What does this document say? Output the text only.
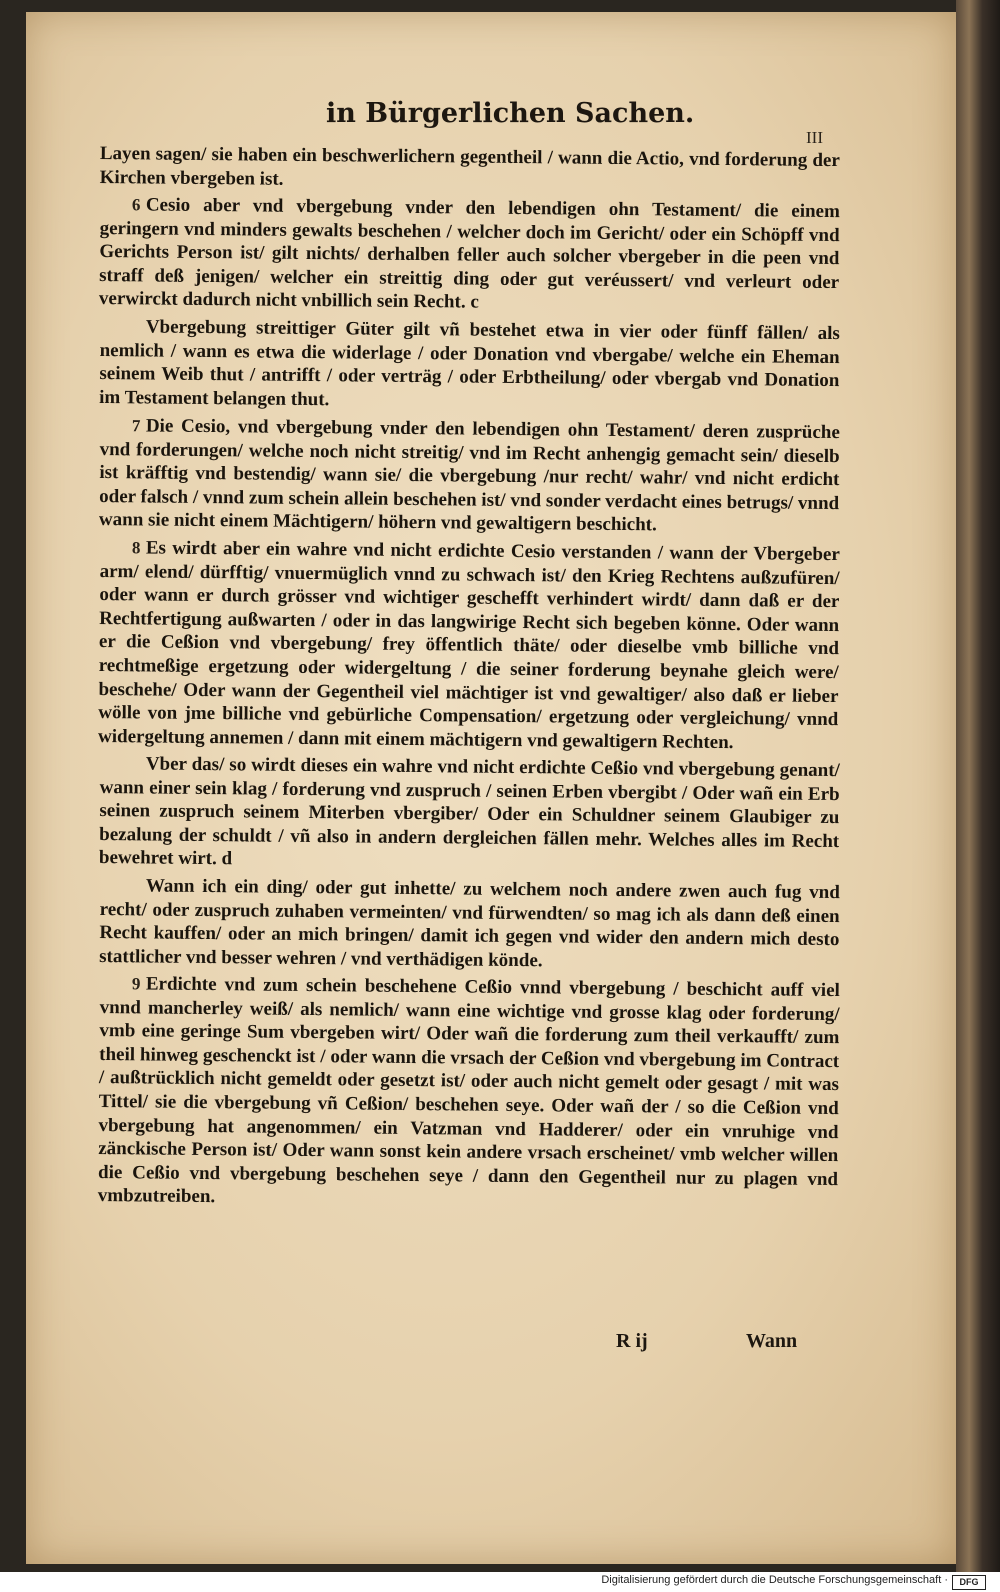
in Bürgerlichen Sachen.
III

Layen sagen/ sie haben ein beschwerlichern gegentheil / wann die Actio, vnd forderung der Kirchen vbergeben ist.

6 Cesio aber vnd vbergebung vnder den lebendigen ohn Testament/ die einem geringern vnd minders gewalts beschehen / welcher doch im Gericht/ oder ein Schöpff vnd Gerichts Person ist/ gilt nichts/ derhalben feller auch solcher vbergeber in die peen vnd straff deß jenigen/ welcher ein streittig ding oder gut veréussert/ vnd verleurt oder verwirckt dadurch nicht vnbillich sein Recht. c

Vbergebung streittiger Güter gilt vñ bestehet etwa in vier oder fünff fällen/ als nemlich / wann es etwa die widerlage / oder Donation vnd vbergabe/ welche ein Eheman seinem Weib thut / antrifft / oder verträg / oder Erbtheilung/ oder vbergab vnd Donation im Testament belangen thut.

7 Die Cesio, vnd vbergebung vnder den lebendigen ohn Testament/ deren zusprüche vnd forderungen/ welche noch nicht streitig/ vnd im Recht anhengig gemacht sein/ dieselb ist kräfftig vnd bestendig/ wann sie/ die vbergebung /nur recht/ wahr/ vnd nicht erdicht oder falsch / vnnd zum schein allein beschehen ist/ vnd sonder verdacht eines betrugs/ vnnd wann sie nicht einem Mächtigern/ höhern vnd gewaltigern beschicht.

8 Es wirdt aber ein wahre vnd nicht erdichte Cesio verstanden / wann der Vbergeber arm/ elend/ dürfftig/ vnuermüglich vnnd zu schwach ist/ den Krieg Rechtens außzufüren/ oder wann er durch grösser vnd wichtiger geschefft verhindert wirdt/ dann daß er der Rechtfertigung außwarten / oder in das langwirige Recht sich begeben könne. Oder wann er die Ceßion vnd vbergebung/ frey öffentlich thäte/ oder dieselbe vmb billiche vnd rechtmeßige ergetzung oder widergeltung / die seiner forderung beynahe gleich were/ beschehe/ Oder wann der Gegentheil viel mächtiger ist vnd gewaltiger/ also daß er lieber wölle von jme billiche vnd gebürliche Compensation/ ergetzung oder vergleichung/ vnnd widergeltung annemen / dann mit einem mächtigern vnd gewaltigern Rechten.

Vber das/ so wirdt dieses ein wahre vnd nicht erdichte Ceßio vnd vbergebung genant/ wann einer sein klag / forderung vnd zuspruch / seinen Erben vbergibt / Oder wañ ein Erb seinen zuspruch seinem Miterben vbergiber/ Oder ein Schuldner seinem Glaubiger zu bezalung der schuldt / vñ also in andern dergleichen fällen mehr. Welches alles im Recht bewehret wirt. d

Wann ich ein ding/ oder gut inhette/ zu welchem noch andere zwen auch fug vnd recht/ oder zuspruch zuhaben vermeinten/ vnd fürwendten/ so mag ich als dann deß einen Recht kauffen/ oder an mich bringen/ damit ich gegen vnd wider den andern mich desto stattlicher vnd besser wehren / vnd verthädigen könde.

9 Erdichte vnd zum schein beschehene Ceßio vnnd vbergebung / beschicht auff viel vnnd mancherley weiß/ als nemlich/ wann eine wichtige vnd grosse klag oder forderung/ vmb eine geringe Sum vbergeben wirt/ Oder wañ die forderung zum theil verkaufft/ zum theil hinweg geschenckt ist / oder wann die vrsach der Ceßion vnd vbergebung im Contract / außtrücklich nicht gemeldt oder gesetzt ist/ oder auch nicht gemelt oder gesagt / mit was Tittel/ sie die vbergebung vñ Ceßion/ beschehen seye. Oder wañ der / so die Ceßion vnd vbergebung hat angenommen/ ein Vatzman vnd Hadderer/ oder ein vnruhige vnd zänckische Person ist/ Oder wann sonst kein andere vrsach erscheinet/ vmb welcher willen die Ceßio vnd vbergebung beschehen seye / dann den Gegentheil nur zu plagen vnd vmbzutreiben.

R ij	Wann
Digitalisierung gefördert durch die Deutsche Forschungsgemeinschaft ·	DFG
